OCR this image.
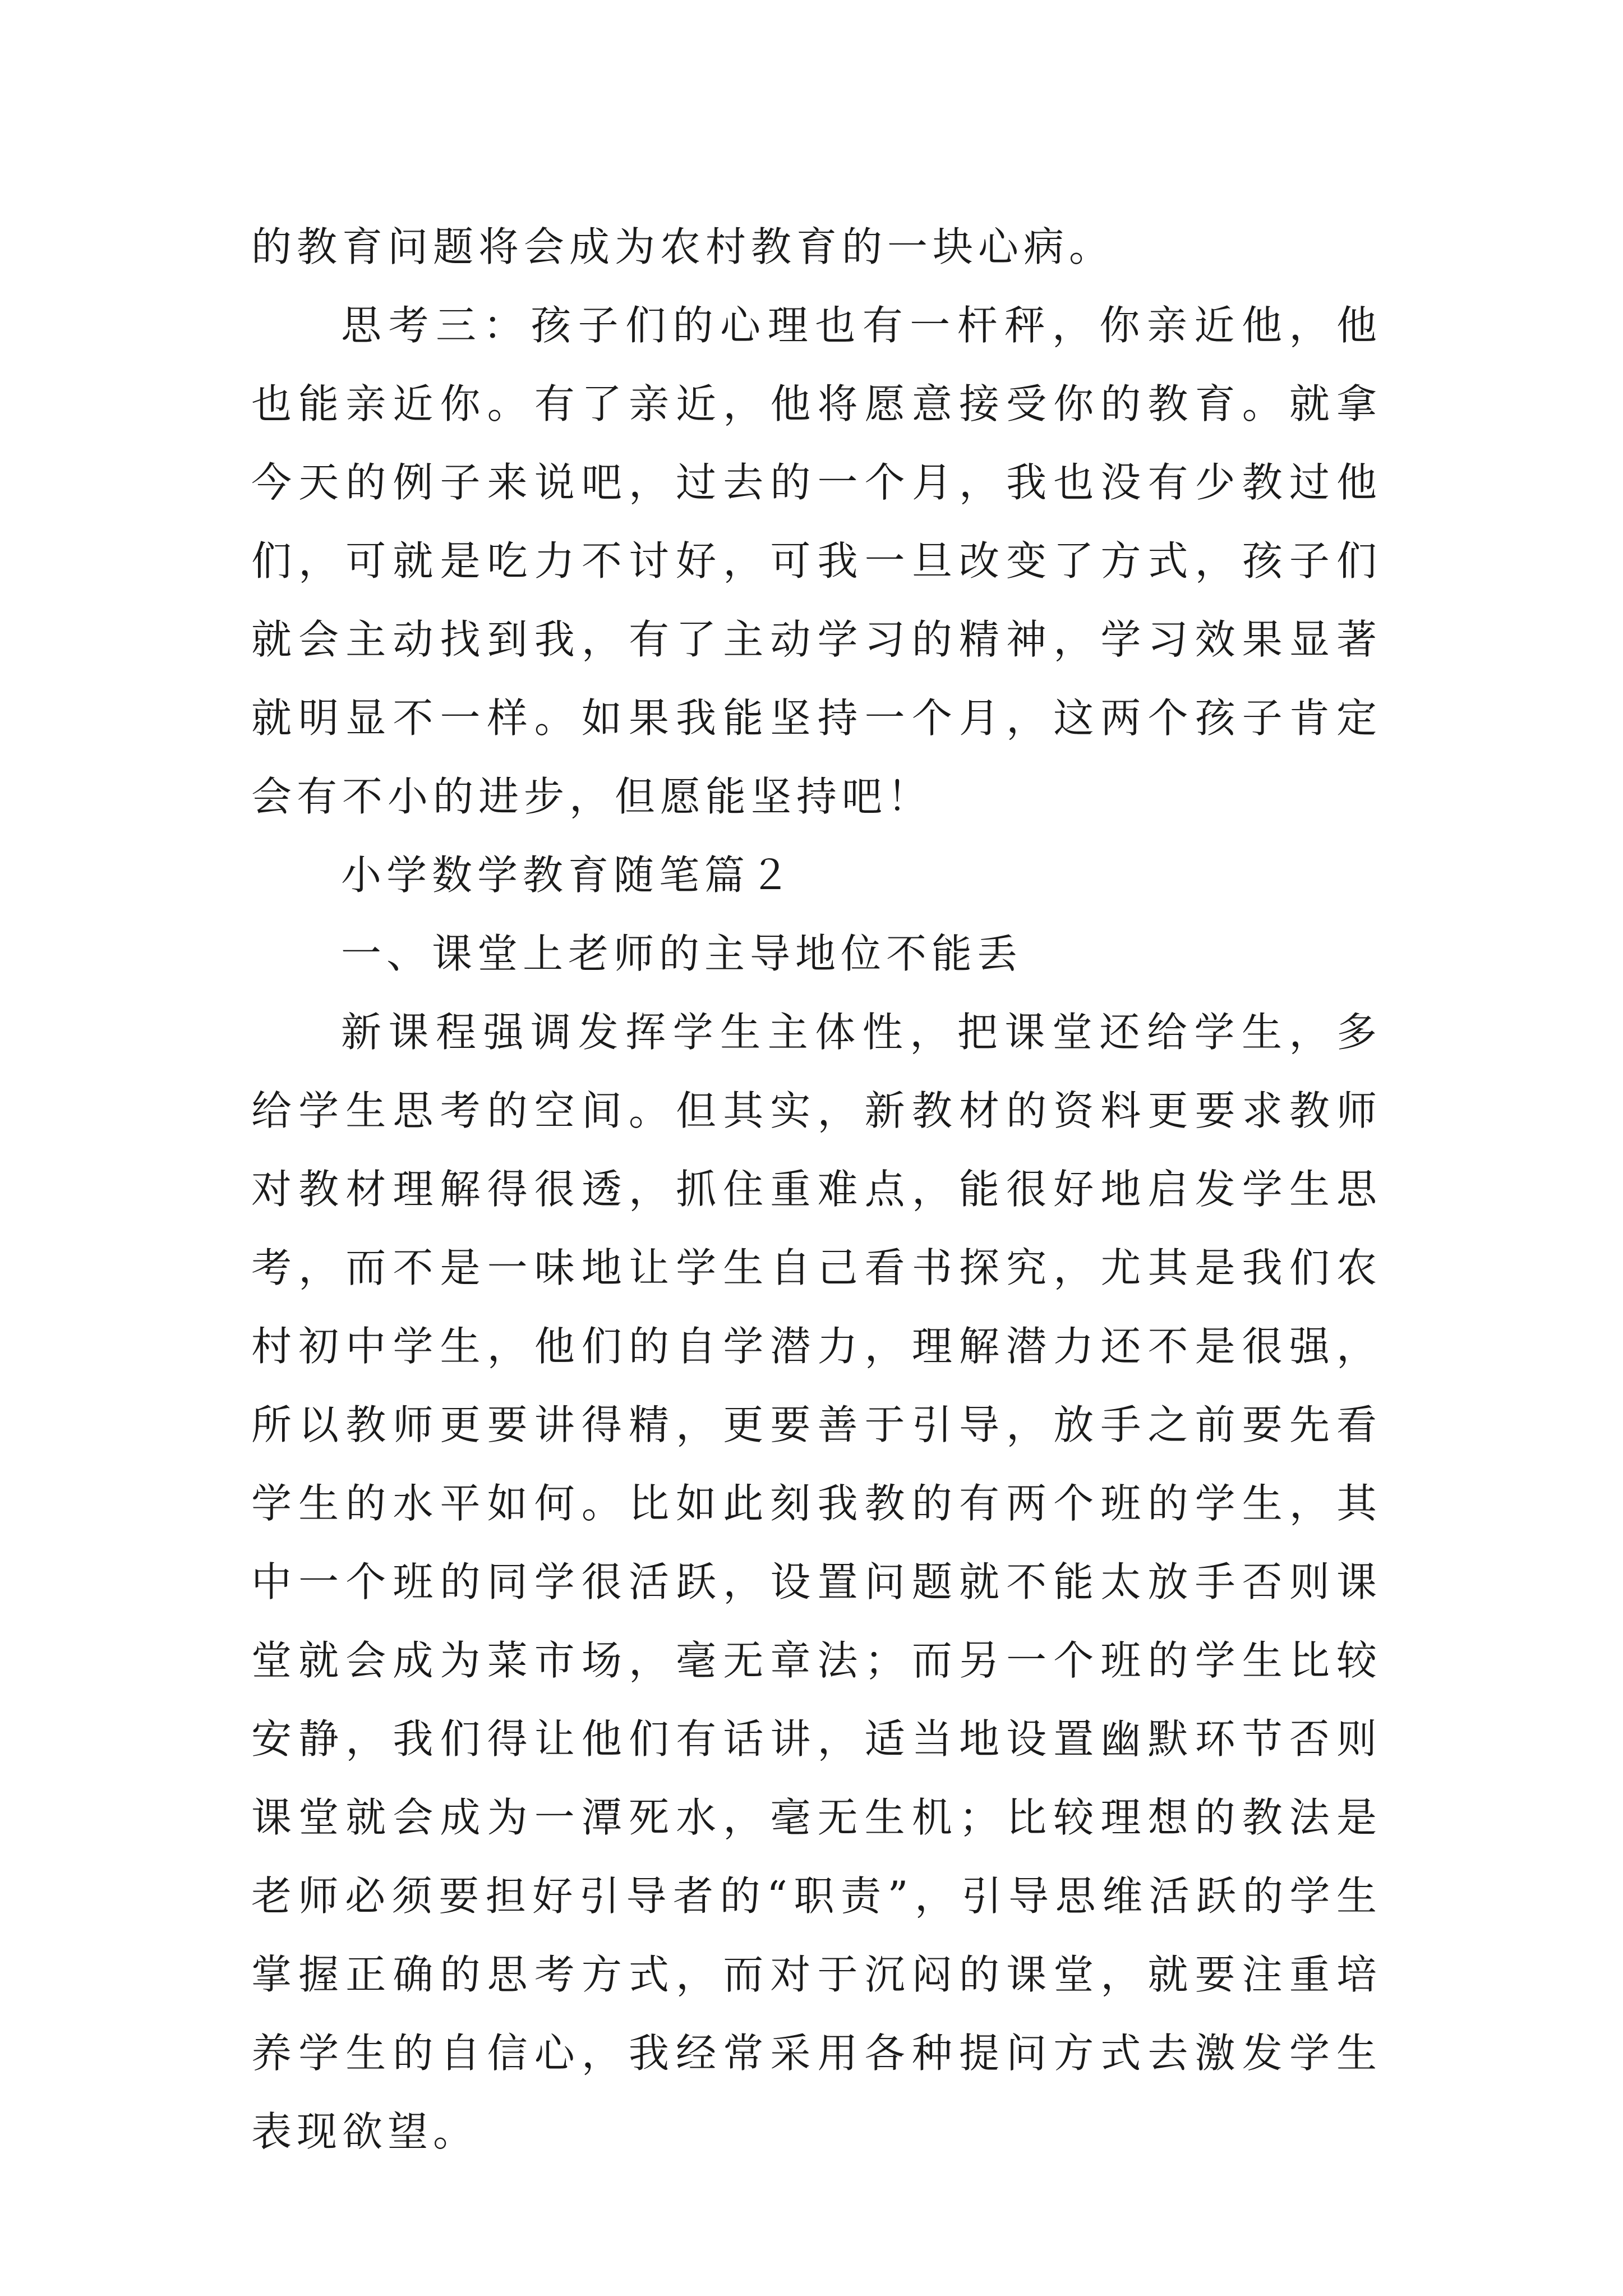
的教育问题将会成为农村教育的一块心病。

思考三：孩子们的心理也有一杆秤，你亲近他，他也能亲近你。有了亲近，他将愿意接受你的教育。就拿今天的例子来说吧，过去的一个月，我也没有少教过他们，可就是吃力不讨好，可我一旦改变了方式，孩子们就会主动找到我，有了主动学习的精神，学习效果显著就明显不一样。如果我能坚持一个月，这两个孩子肯定会有不小的进步，但愿能坚持吧！

小学数学教育随笔篇２

一、课堂上老师的主导地位不能丢

新课程强调发挥学生主体性，把课堂还给学生，多给学生思考的空间。但其实，新教材的资料更要求教师对教材理解得很透，抓住重难点，能很好地启发学生思考，而不是一味地让学生自己看书探究，尤其是我们农村初中学生，他们的自学潜力，理解潜力还不是很强，所以教师更要讲得精，更要善于引导，放手之前要先看学生的水平如何。比如此刻我教的有两个班的学生，其中一个班的同学很活跃，设置问题就不能太放手否则课堂就会成为菜市场，毫无章法；而另一个班的学生比较安静，我们得让他们有话讲，适当地设置幽默环节否则课堂就会成为一潭死水，毫无生机；比较理想的教法是老师必须要担好引导者的“职责”，引导思维活跃的学生掌握正确的思考方式，而对于沉闷的课堂，就要注重培养学生的自信心，我经常采用各种提问方式去激发学生表现欲望。
